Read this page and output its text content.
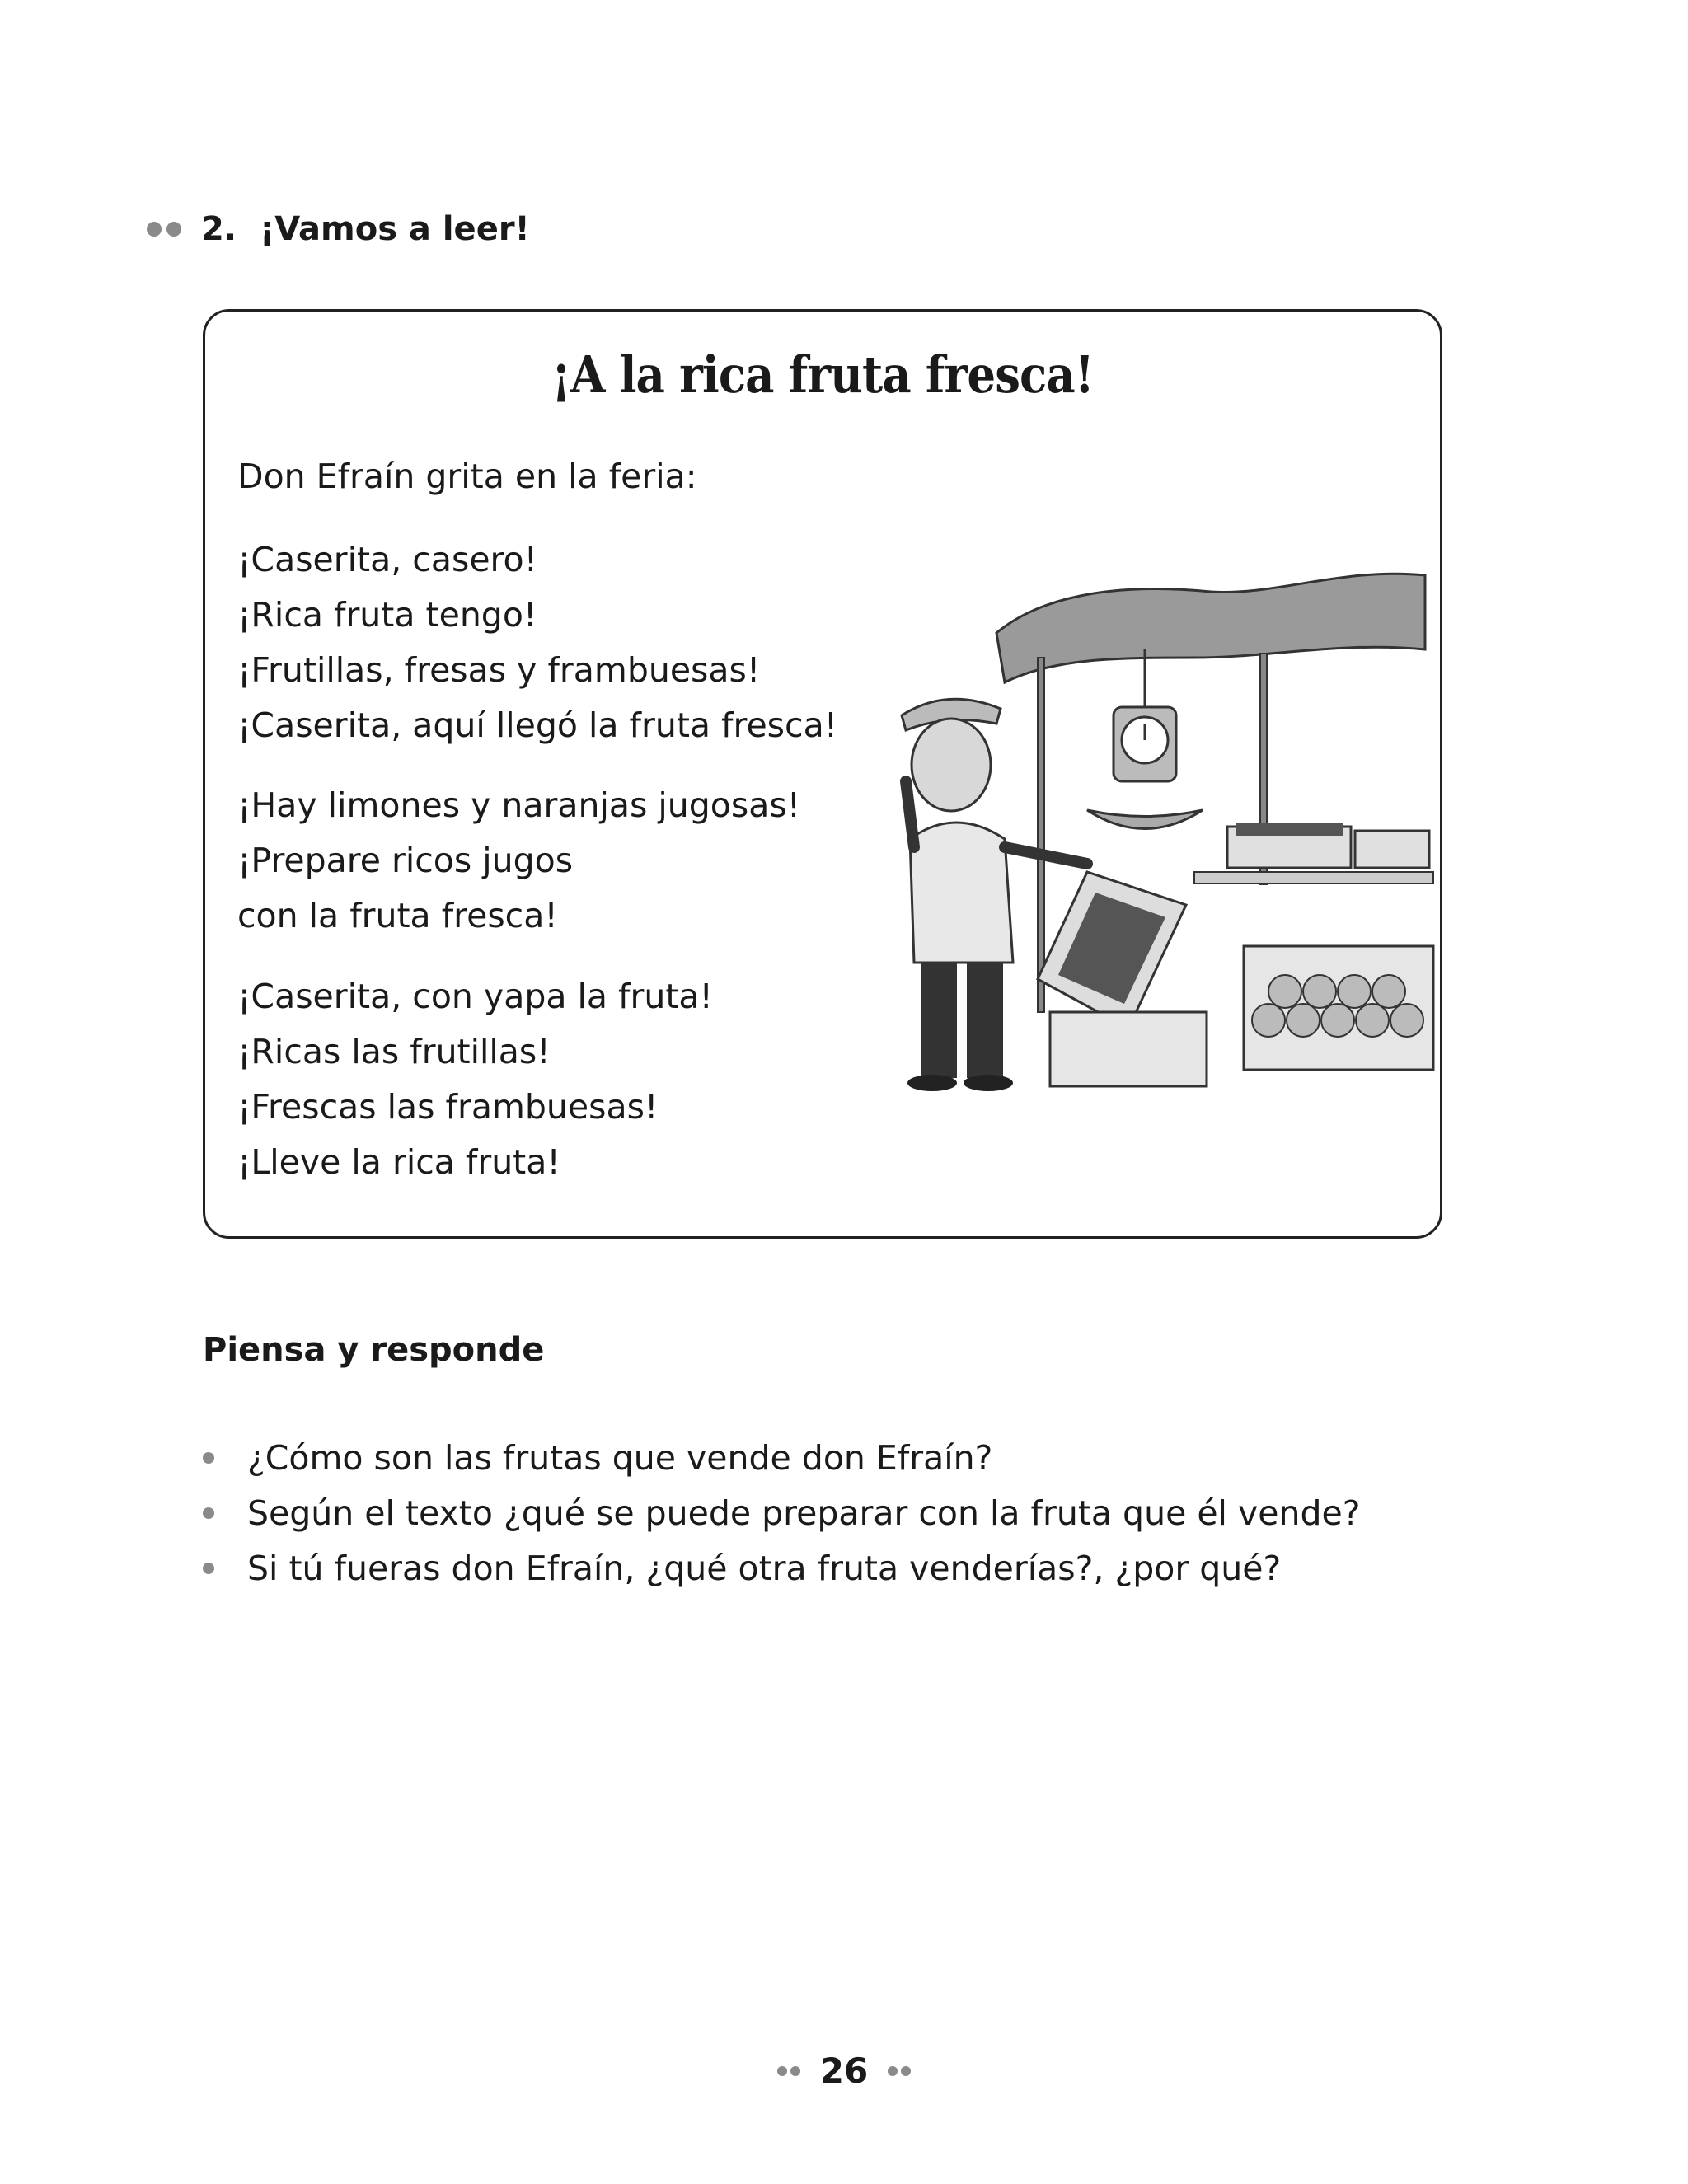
2. ¡Vamos a leer!
¡A la rica fruta fresca!
Don Efraín grita en la feria:
¡Caserita, casero!
¡Rica fruta tengo!
¡Frutillas, fresas y frambuesas!
¡Caserita, aquí llegó la fruta fresca!
¡Hay limones y naranjas jugosas!
¡Prepare ricos jugos
con la fruta fresca!
¡Caserita, con yapa la fruta!
¡Ricas las frutillas!
¡Frescas las frambuesas!
¡Lleve la rica fruta!
Piensa y responde
¿Cómo son las frutas que vende don Efraín?
Según el texto ¿qué se puede preparar con la fruta que él vende?
Si tú fueras don Efraín, ¿qué otra fruta venderías?, ¿por qué?
26
